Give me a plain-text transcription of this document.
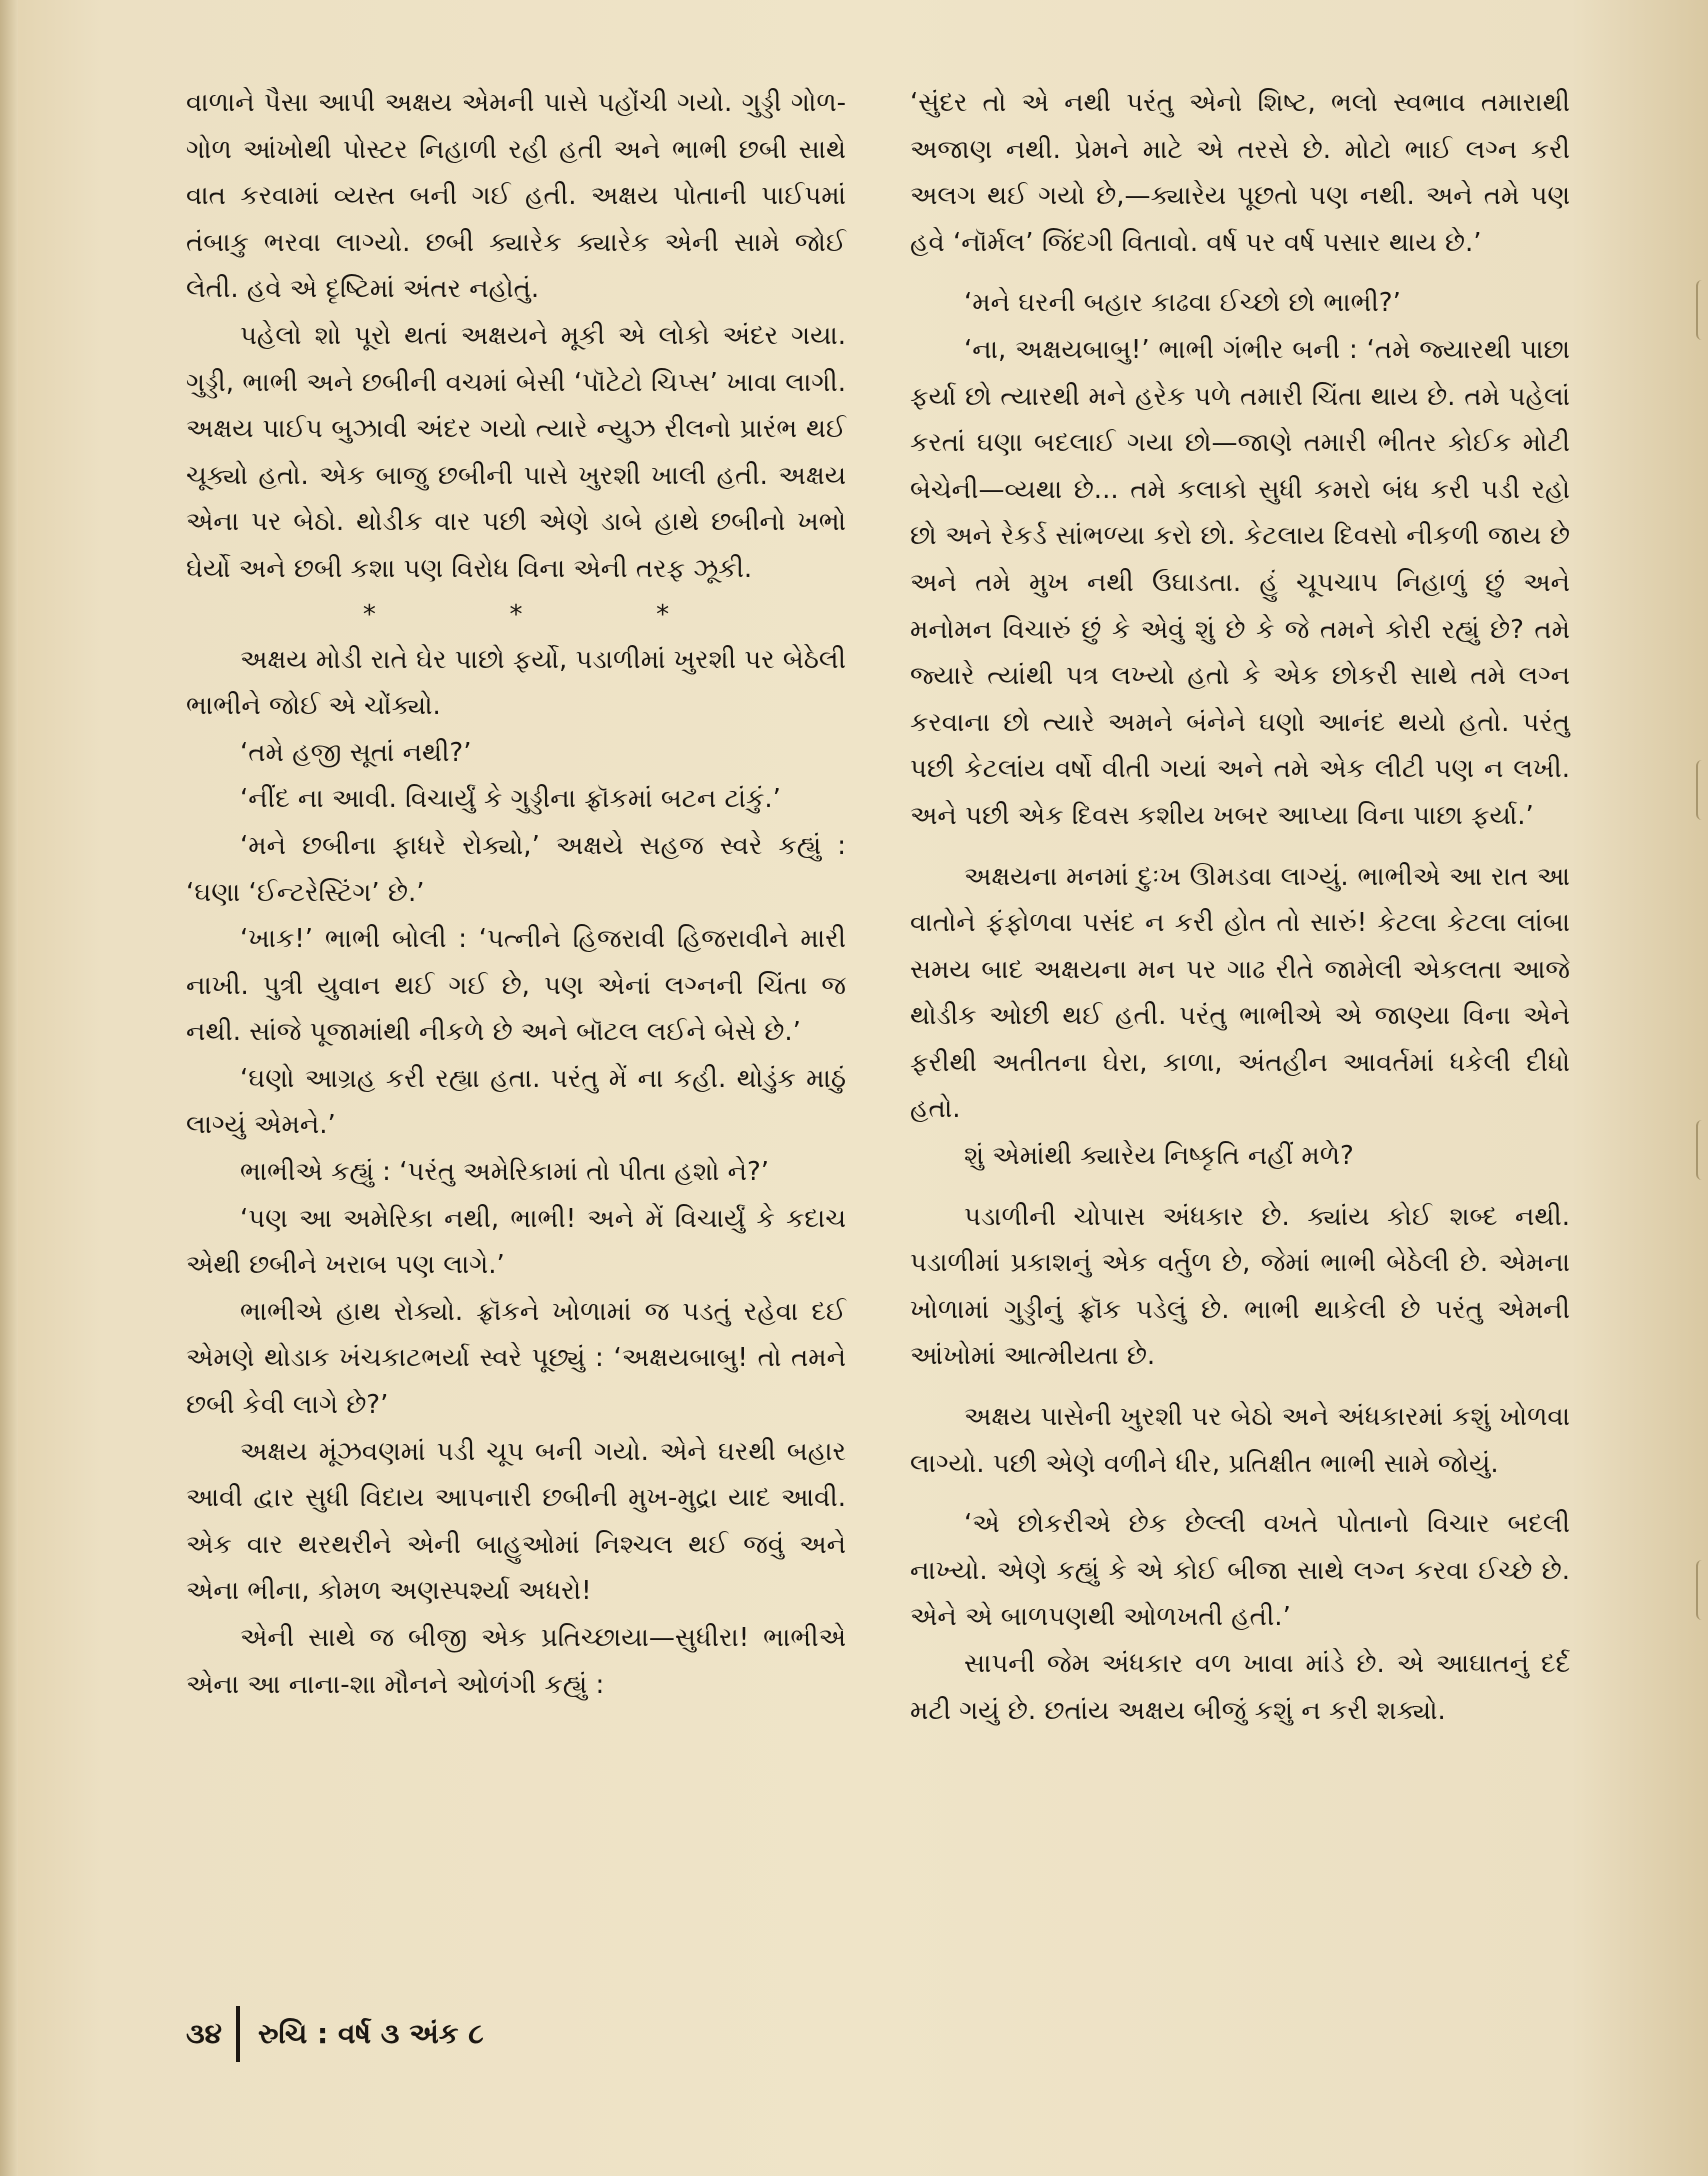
વાળાને પૈસા આપી અક્ષય એમની પાસે પહોંચી ગયો. ગુડ્ડી ગોળ-ગોળ આંખોથી પોસ્ટર નિહાળી રહી હતી અને ભાભી છબી સાથે વાત કરવામાં વ્યસ્ત બની ગઈ હતી. અક્ષય પોતાની પાઈપમાં તંબાકુ ભરવા લાગ્યો. છબી ક્યારેક ક્યારેક એની સામે જોઈ લેતી. હવે એ દૃષ્ટિમાં અંતર નહોતું.

પહેલો શો પૂરો થતાં અક્ષયને મૂકી એ લોકો અંદર ગયા. ગુડ્ડી, ભાભી અને છબીની વચમાં બેસી ‘પૉટેટો ચિપ્સ’ ખાવા લાગી. અક્ષય પાઈપ બુઝાવી અંદર ગયો ત્યારે ન્યુઝ રીલનો પ્રારંભ થઈ ચૂક્યો હતો. એક બાજુ છબીની પાસે ખુરશી ખાલી હતી. અક્ષય એના પર બેઠો. થોડીક વાર પછી એણે ડાબે હાથે છબીનો ખભો ઘેર્યો અને છબી કશા પણ વિરોધ વિના એની તરફ ઝૂકી.

*	*	*

અક્ષય મોડી રાતે ઘેર પાછો ફર્યો, પડાળીમાં ખુરશી પર બેઠેલી ભાભીને જોઈ એ ચોંક્યો.

‘તમે હજી સૂતાં નથી?’

‘નીંદ ના આવી. વિચાર્યું કે ગુડ્ડીના ફ્રૉકમાં બટન ટાંકું.’

‘મને છબીના ફાધરે રોક્યો,’ અક્ષયે સહજ સ્વરે કહ્યું : ‘ઘણા ‘ઈન્ટરેસ્ટિંગ’ છે.’

‘ખાક!’ ભાભી બોલી : ‘પત્નીને હિજરાવી હિજરાવીને મારી નાખી. પુત્રી યુવાન થઈ ગઈ છે, પણ એનાં લગ્નની ચિંતા જ નથી. સાંજે પૂજામાંથી નીકળે છે અને બૉટલ લઈને બેસે છે.’

‘ઘણો આગ્રહ કરી રહ્યા હતા. પરંતુ મેં ના કહી. થોડુંક માઠું લાગ્યું એમને.’

ભાભીએ કહ્યું : ‘પરંતુ અમેરિકામાં તો પીતા હશો ને?’

‘પણ આ અમેરિકા નથી, ભાભી! અને મેં વિચાર્યું કે કદાચ એથી છબીને ખરાબ પણ લાગે.’

ભાભીએ હાથ રોક્યો. ફ્રૉકને ખોળામાં જ પડતું રહેવા દઈ એમણે થોડાક ખંચકાટભર્યા સ્વરે પૂછ્યું : ‘અક્ષયબાબુ! તો તમને છબી કેવી લાગે છે?’

અક્ષય મૂંઝવણમાં પડી ચૂપ બની ગયો. એને ઘરથી બહાર આવી દ્વાર સુધી વિદાય આપનારી છબીની મુખ-મુદ્રા યાદ આવી. એક વાર થરથરીને એની બાહુઓમાં નિશ્ચલ થઈ જવું અને એના ભીના, કોમળ અણસ્પર્શ્યા અધરો!

એની સાથે જ બીજી એક પ્રતિચ્છાયા—સુધીરા! ભાભીએ એના આ નાના-શા મૌનને ઓળંગી કહ્યું :

‘સુંદર તો એ નથી પરંતુ એનો શિષ્ટ, ભલો સ્વભાવ તમારાથી અજાણ નથી. પ્રેમને માટે એ તરસે છે. મોટો ભાઈ લગ્ન કરી અલગ થઈ ગયો છે,—ક્યારેય પૂછતો પણ નથી. અને તમે પણ હવે ‘નૉર્મલ’ જિંદગી વિતાવો. વર્ષ પર વર્ષ પસાર થાય છે.’

‘મને ઘરની બહાર કાઢવા ઈચ્છો છો ભાભી?’

‘ના, અક્ષયબાબુ!’ ભાભી ગંભીર બની : ‘તમે જ્યારથી પાછા ફર્યા છો ત્યારથી મને હરેક પળે તમારી ચિંતા થાય છે. તમે પહેલાં કરતાં ઘણા બદલાઈ ગયા છો—જાણે તમારી ભીતર કોઈક મોટી બેચેની—વ્યથા છે... તમે કલાકો સુધી કમરો બંધ કરી પડી રહો છો અને રેકર્ડ સાંભળ્યા કરો છો. કેટલાય દિવસો નીકળી જાય છે અને તમે મુખ નથી ઉઘાડતા. હું ચૂપચાપ નિહાળું છું અને મનોમન વિચારું છું કે એવું શું છે કે જે તમને કોરી રહ્યું છે? તમે જ્યારે ત્યાંથી પત્ર લખ્યો હતો કે એક છોકરી સાથે તમે લગ્ન કરવાના છો ત્યારે અમને બંનેને ઘણો આનંદ થયો હતો. પરંતુ પછી કેટલાંય વર્ષો વીતી ગયાં અને તમે એક લીટી પણ ન લખી. અને પછી એક દિવસ કશીય ખબર આપ્યા વિના પાછા ફર્યા.’

અક્ષયના મનમાં દુઃખ ઊમડવા લાગ્યું. ભાભીએ આ રાત આ વાતોને ફંફોળવા પસંદ ન કરી હોત તો સારું! કેટલા કેટલા લાંબા સમય બાદ અક્ષયના મન પર ગાઢ રીતે જામેલી એકલતા આજે થોડીક ઓછી થઈ હતી. પરંતુ ભાભીએ એ જાણ્યા વિના એને ફરીથી અતીતના ઘેરા, કાળા, અંતહીન આવર્તમાં ધકેલી દીધો હતો.

શું એમાંથી ક્યારેય નિષ્કૃતિ નહીં મળે?

પડાળીની ચોપાસ અંધકાર છે. ક્યાંય કોઈ શબ્દ નથી. પડાળીમાં પ્રકાશનું એક વર્તુળ છે, જેમાં ભાભી બેઠેલી છે. એમના ખોળામાં ગુડ્ડીનું ફ્રૉક પડેલું છે. ભાભી થાકેલી છે પરંતુ એમની આંખોમાં આત્મીયતા છે.

અક્ષય પાસેની ખુરશી પર બેઠો અને અંધકારમાં કશું ખોળવા લાગ્યો. પછી એણે વળીને ધીર, પ્રતિક્ષીત ભાભી સામે જોયું.

‘એ છોકરીએ છેક છેલ્લી વખતે પોતાનો વિચાર બદલી નાખ્યો. એણે કહ્યું કે એ કોઈ બીજા સાથે લગ્ન કરવા ઈચ્છે છે. એને એ બાળપણથી ઓળખતી હતી.’

સાપની જેમ અંધકાર વળ ખાવા માંડે છે. એ આઘાતનું દર્દ મટી ગયું છે. છતાંય અક્ષય બીજું કશું ન કરી શક્યો.

૩૪ રુચિ : વર્ષ ૩ અંક ૮
